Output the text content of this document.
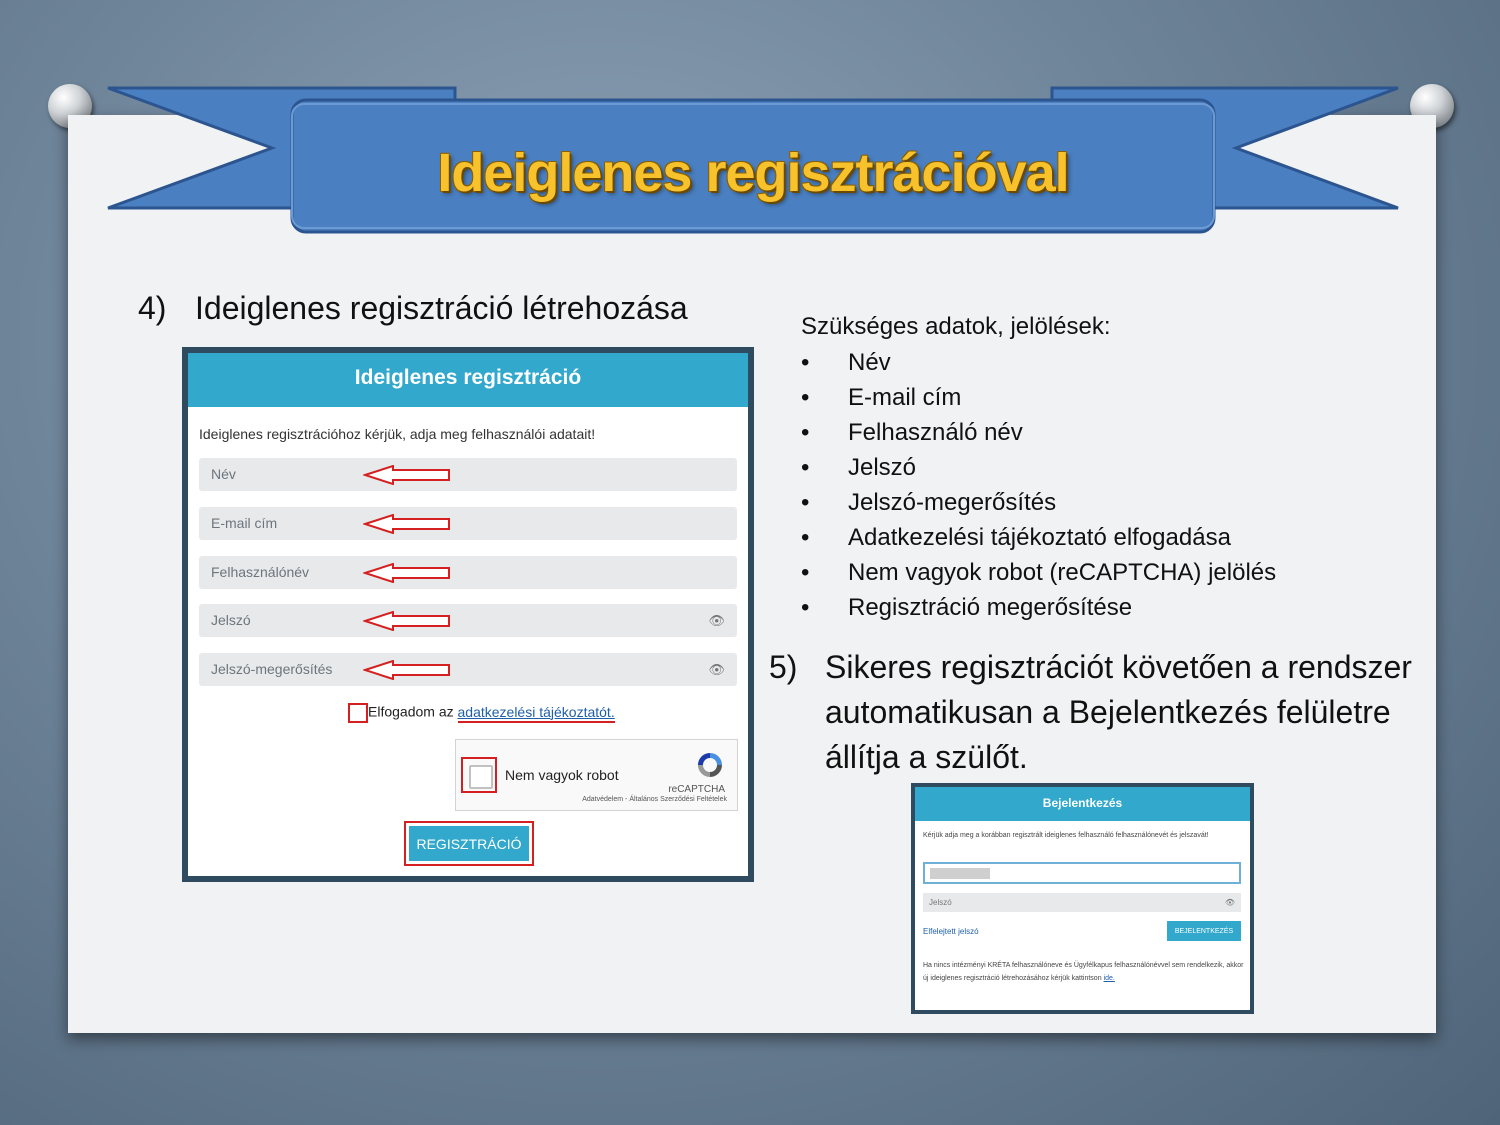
Ideiglenes regisztrációval
4) Ideiglenes regisztráció létrehozása
Ideiglenes regisztráció
Ideiglenes regisztrációhoz kérjük, adja meg felhasználói adatait!
Név
E-mail cím
Felhasználónév
Jelszó	👁
Jelszó-megerősítés	👁
Elfogadom az adatkezelési tájékoztatót.
Nem vagyok robot
reCAPTCHA
Adatvédelem - Általános Szerződési Feltételek
REGISZTRÁCIÓ
Szükséges adatok, jelölések:
• Név
• E-mail cím
• Felhasználó név
• Jelszó
• Jelszó-megerősítés
• Adatkezelési tájékoztató elfogadása
• Nem vagyok robot (reCAPTCHA) jelölés
• Regisztráció megerősítése
5) Sikeres regisztrációt követően a rendszer automatikusan a Bejelentkezés felületre állítja a szülőt.
Bejelentkezés
Kérjük adja meg a korábban regisztrált ideiglenes felhasználó felhasználónevét és jelszavát!
Jelszó	👁
Elfelejtett jelszó	BEJELENTKEZÉS
Ha nincs intézményi KRÉTA felhasználóneve és Ügyfélkapus felhasználónévvel sem rendelkezik, akkor új ideiglenes regisztráció létrehozásához kérjük kattintson ide.
